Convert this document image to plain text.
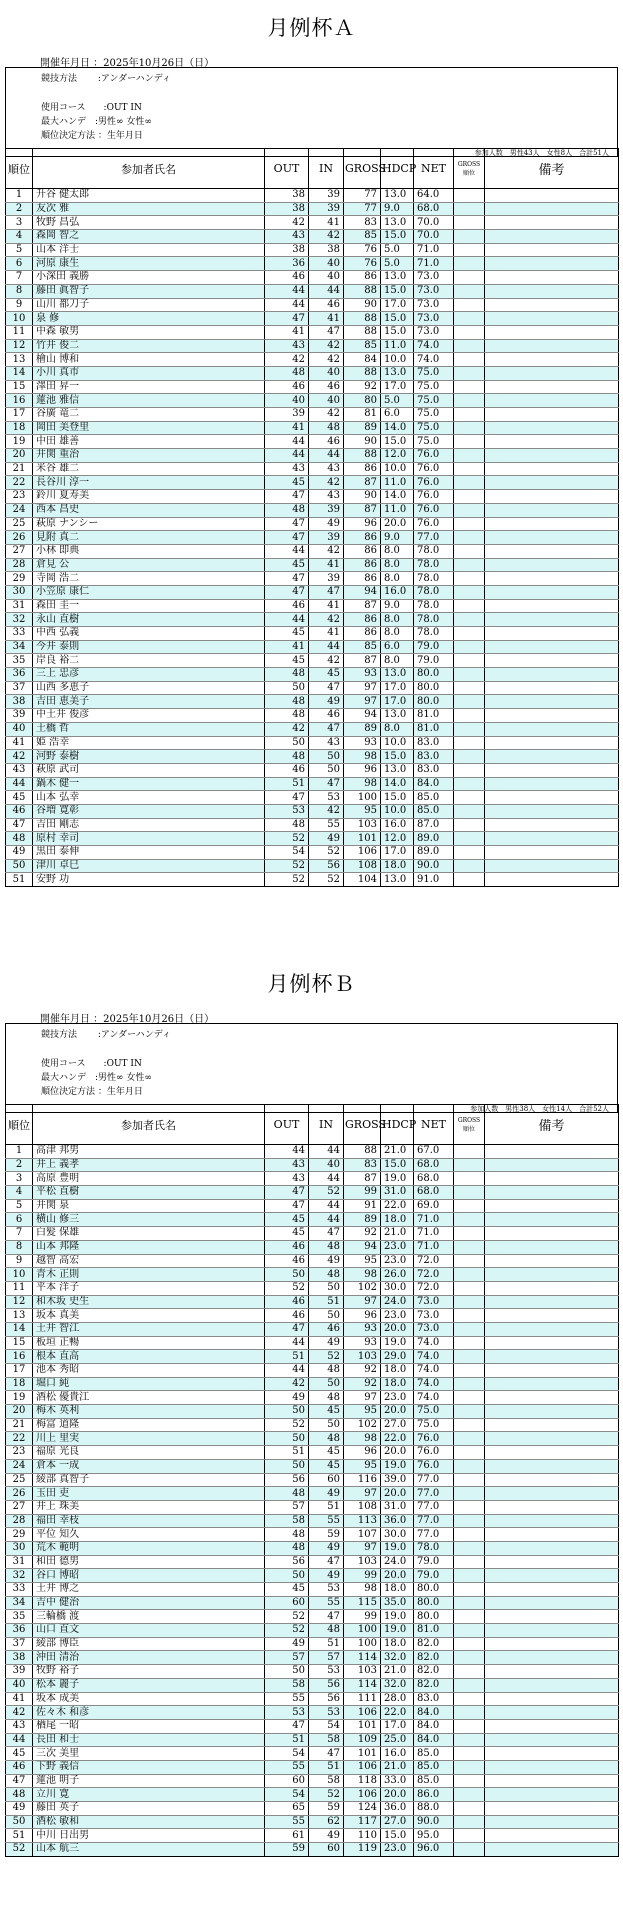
月例杯Ａ
開催年月日 ：2025年10月26日（日）
競技方法 　　:アンダーハンディ
使用コース　　:OUT IN
最大ハンデ　:男性∞ 女性∞
順位決定方法 ：生年月日
参加人数　男性43人　女性8人　合計51人
順位	参加者氏名	OUT	IN	GROSS	HDCP	NET	GROSS順位	備考
1	升谷 健太郎	38	39	77	13.0	64.0		
2	友次 雅	38	39	77	9.0	68.0		
3	牧野 昌弘	42	41	83	13.0	70.0		
4	森岡 智之	43	42	85	15.0	70.0		
5	山本 洋士	38	38	76	5.0	71.0		
6	河原 康生	36	40	76	5.0	71.0		
7	小深田 義勝	46	40	86	13.0	73.0		
8	藤田 眞智子	44	44	88	15.0	73.0		
9	山川 都刀子	44	46	90	17.0	73.0		
10	泉 修	47	41	88	15.0	73.0		
11	中森 敏男	41	47	88	15.0	73.0		
12	竹井 俊二	43	42	85	11.0	74.0		
13	檜山 博和	42	42	84	10.0	74.0		
14	小川 真市	48	40	88	13.0	75.0		
15	澤田 昇一	46	46	92	17.0	75.0		
16	蓮池 雅信	40	40	80	5.0	75.0		
17	谷廣 竜二	39	42	81	6.0	75.0		
18	岡田 美登里	41	48	89	14.0	75.0		
19	中田 雄善	44	46	90	15.0	75.0		
20	井関 重治	44	44	88	12.0	76.0		
21	米谷 雄二	43	43	86	10.0	76.0		
22	長谷川 淳一	45	42	87	11.0	76.0		
23	鈴川 夏寿美	47	43	90	14.0	76.0		
24	西本 昌史	48	39	87	11.0	76.0		
25	萩原 ナンシー	47	49	96	20.0	76.0		
26	見附 真二	47	39	86	9.0	77.0		
27	小林 即典	44	42	86	8.0	78.0		
28	倉見 公	45	41	86	8.0	78.0		
29	寺岡 浩二	47	39	86	8.0	78.0		
30	小笠原 康仁	47	47	94	16.0	78.0		
31	森田 圭一	46	41	87	9.0	78.0		
32	永山 直樹	44	42	86	8.0	78.0		
33	中西 弘義	45	41	86	8.0	78.0		
34	今井 泰則	41	44	85	6.0	79.0		
35	岸良 裕二	45	42	87	8.0	79.0		
36	三上 忠彦	48	45	93	13.0	80.0		
37	山西 多恵子	50	47	97	17.0	80.0		
38	吉田 恵美子	48	49	97	17.0	80.0		
39	中土井 俊彦	48	46	94	13.0	81.0		
40	土橋 哲	42	47	89	8.0	81.0		
41	姫 浩幸	50	43	93	10.0	83.0		
42	河野 泰樹	48	50	98	15.0	83.0		
43	萩原 武司	46	50	96	13.0	83.0		
44	鍋木 健一	51	47	98	14.0	84.0		
45	山本 弘幸	47	53	100	15.0	85.0		
46	谷増 寛彰	53	42	95	10.0	85.0		
47	吉田 剛志	48	55	103	16.0	87.0		
48	原村 幸司	52	49	101	12.0	89.0		
49	黒田 泰伸	54	52	106	17.0	89.0		
50	津川 卓巳	52	56	108	18.0	90.0		
51	安野 功	52	52	104	13.0	91.0		
月例杯Ｂ
開催年月日 ：2025年10月26日（日）
競技方法 　　:アンダーハンディ
使用コース　　:OUT IN
最大ハンデ　:男性∞ 女性∞
順位決定方法 ：生年月日
参加人数　男性38人　女性14人　合計52人
順位	参加者氏名	OUT	IN	GROSS	HDCP	NET	GROSS順位	備考
1	高津 邦男	44	44	88	21.0	67.0		
2	井上 義孝	43	40	83	15.0	68.0		
3	高原 豊明	43	44	87	19.0	68.0		
4	平松 直樹	47	52	99	31.0	68.0		
5	井関 泉	47	44	91	22.0	69.0		
6	横山 修三	45	44	89	18.0	71.0		
7	白髪 保雄	45	47	92	21.0	71.0		
8	山本 邦隆	46	48	94	23.0	71.0		
9	越智 高宏	46	49	95	23.0	72.0		
10	青木 正則	50	48	98	26.0	72.0		
11	平本 洋子	52	50	102	30.0	72.0		
12	和木坂 史生	46	51	97	24.0	73.0		
13	坂本 真美	46	50	96	23.0	73.0		
14	土井 智江	47	46	93	20.0	73.0		
15	板垣 正暢	44	49	93	19.0	74.0		
16	根本 直高	51	52	103	29.0	74.0		
17	池本 秀昭	44	48	92	18.0	74.0		
18	堀口 純	42	50	92	18.0	74.0		
19	酒松 優貴江	49	48	97	23.0	74.0		
20	梅木 英利	50	45	95	20.0	75.0		
21	梅富 道隆	52	50	102	27.0	75.0		
22	川上 里実	50	48	98	22.0	76.0		
23	福原 光良	51	45	96	20.0	76.0		
24	倉本 一成	50	45	95	19.0	76.0		
25	綾部 真智子	56	60	116	39.0	77.0		
26	玉田 吏	48	49	97	20.0	77.0		
27	井上 珠美	57	51	108	31.0	77.0		
28	福田 幸枝	58	55	113	36.0	77.0		
29	平位 知久	48	59	107	30.0	77.0		
30	荒木 範明	48	49	97	19.0	78.0		
31	和田 德男	56	47	103	24.0	79.0		
32	谷口 博昭	50	49	99	20.0	79.0		
33	土井 博之	45	53	98	18.0	80.0		
34	吉中 健治	60	55	115	35.0	80.0		
35	三輪橋 渡	52	47	99	19.0	80.0		
36	山口 直文	52	48	100	19.0	81.0		
37	綾部 博臣	49	51	100	18.0	82.0		
38	沖田 清治	57	57	114	32.0	82.0		
39	牧野 裕子	50	53	103	21.0	82.0		
40	松本 麗子	58	56	114	32.0	82.0		
41	坂本 成美	55	56	111	28.0	83.0		
42	佐々木 和彦	53	53	106	22.0	84.0		
43	楢尾 一昭	47	54	101	17.0	84.0		
44	長田 和士	51	58	109	25.0	84.0		
45	三次 美里	54	47	101	16.0	85.0		
46	下野 義信	55	51	106	21.0	85.0		
47	蓮池 明子	60	58	118	33.0	85.0		
48	立川 寛	54	52	106	20.0	86.0		
49	藤田 英子	65	59	124	36.0	88.0		
50	酒松 敏和	55	62	117	27.0	90.0		
51	中川 日出男	61	49	110	15.0	95.0		
52	山本 航三	59	60	119	23.0	96.0		
